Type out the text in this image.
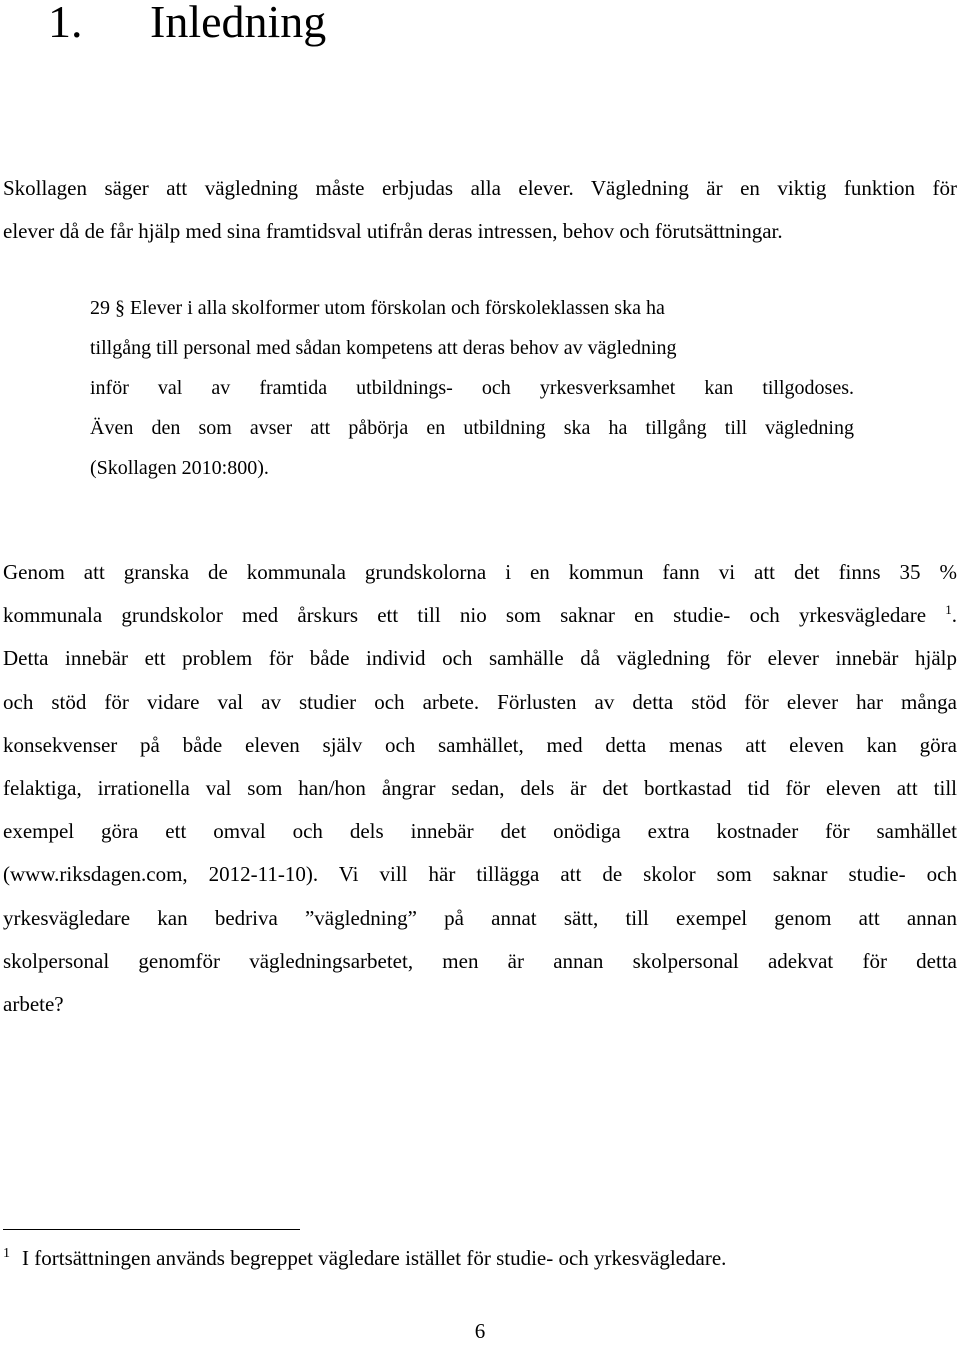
1. Inledning
Skollagen säger att vägledning måste erbjudas alla elever. Vägledning är en viktig funktion för
elever då de får hjälp med sina framtidsval utifrån deras intressen, behov och förutsättningar.
29 § Elever i alla skolformer utom förskolan och förskoleklassen ska ha
tillgång till personal med sådan kompetens att deras behov av vägledning
inför val av framtida utbildnings- och yrkesverksamhet kan tillgodoses.
Även den som avser att påbörja en utbildning ska ha tillgång till vägledning
(Skollagen 2010:800).
Genom att granska de kommunala grundskolorna i en kommun fann vi att det finns 35 %
kommunala grundskolor med årskurs ett till nio som saknar en studie- och yrkesvägledare $^1$.
Detta innebär ett problem för både individ och samhälle då vägledning för elever innebär hjälp
och stöd för vidare val av studier och arbete. Förlusten av detta stöd för elever har många
konsekvenser på både eleven själv och samhället, med detta menas att eleven kan göra
felaktiga, irrationella val som han/hon ångrar sedan, dels är det bortkastad tid för eleven att till
exempel göra ett omval och dels innebär det onödiga extra kostnader för samhället
(www.riksdagen.com, 2012-11-10). Vi vill här tillägga att de skolor som saknar studie- och
yrkesvägledare kan bedriva ”vägledning” på annat sätt, till exempel genom att annan
skolpersonal genomför vägledningsarbetet, men är annan skolpersonal adekvat för detta
arbete?
$^1$ I fortsättningen används begreppet vägledare istället för studie- och yrkesvägledare.
6
